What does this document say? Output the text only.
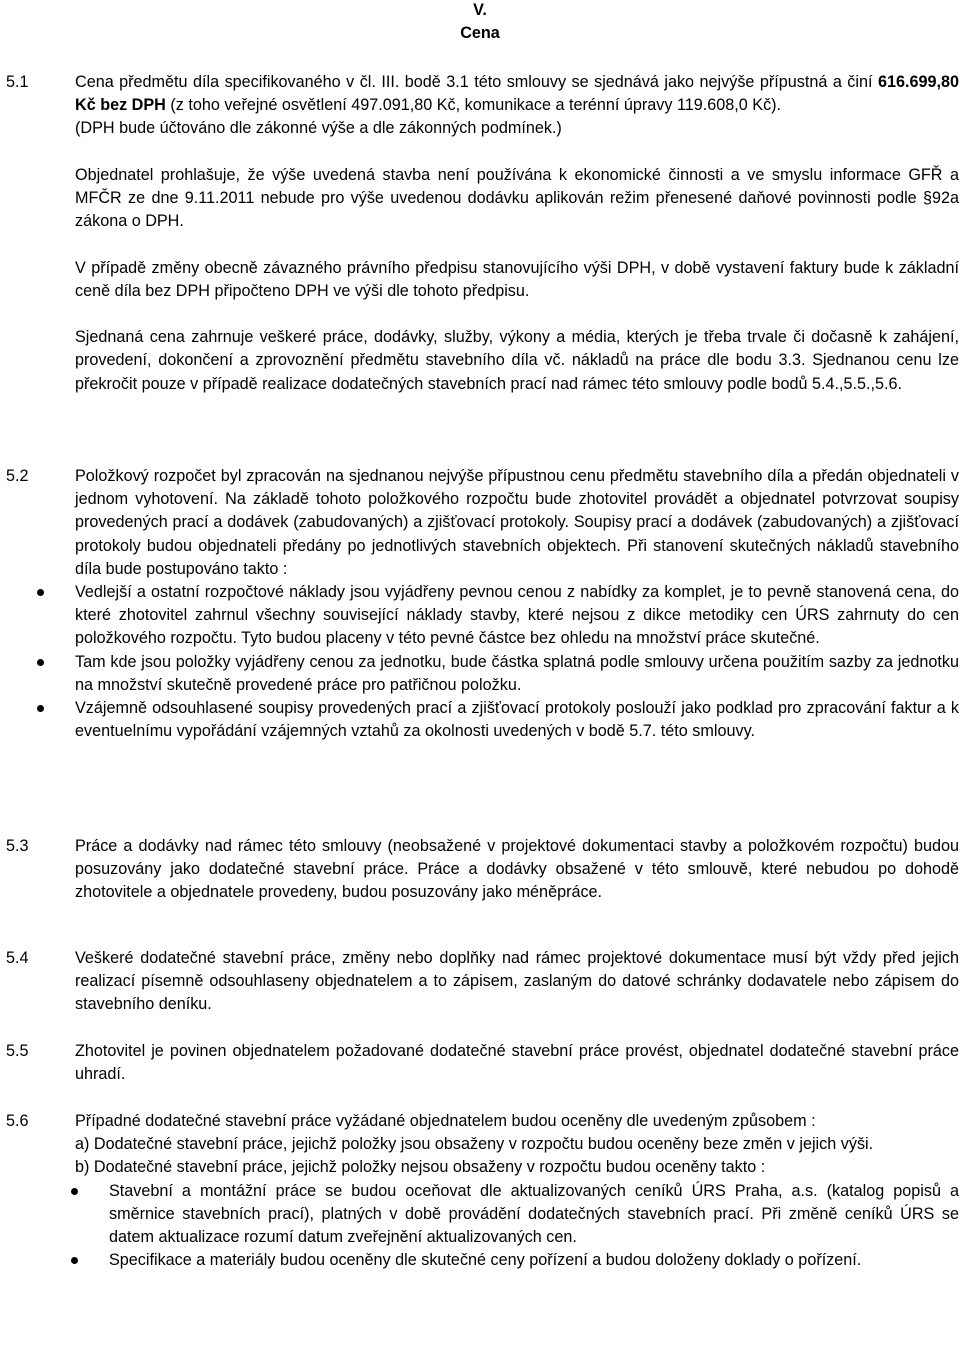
V.
Cena
5.1	Cena předmětu díla specifikovaného v čl. III. bodě 3.1 této smlouvy se sjednává jako nejvýše přípustná a činí 616.699,80 Kč bez DPH (z toho veřejné osvětlení 497.091,80 Kč, komunikace a terénní úpravy 119.608,0 Kč).

(DPH bude účtováno dle zákonné výše a dle zákonných podmínek.)

Objednatel prohlašuje, že výše uvedená stavba není používána k ekonomické činnosti a ve smyslu informace GFŘ a MFČR ze dne 9.11.2011 nebude pro výše uvedenou dodávku aplikován režim přenesené daňové povinnosti podle §92a zákona o DPH.

V případě změny obecně závazného právního předpisu stanovujícího výši DPH, v době vystavení faktury bude k základní ceně díla bez DPH připočteno DPH ve výši dle tohoto předpisu.

Sjednaná cena zahrnuje veškeré práce, dodávky, služby, výkony a média, kterých je třeba trvale či dočasně k zahájení, provedení, dokončení a zprovoznění předmětu stavebního díla vč. nákladů na práce dle bodu 3.3. Sjednanou cenu lze překročit pouze v případě realizace dodatečných stavebních prací nad rámec této smlouvy podle bodů 5.4.,5.5.,5.6.

5.2	Položkový rozpočet byl zpracován na sjednanou nejvýše přípustnou cenu předmětu stavebního díla a předán objednateli v jednom vyhotovení. Na základě tohoto položkového rozpočtu bude zhotovitel provádět a objednatel potvrzovat soupisy provedených prací a dodávek (zabudovaných) a zjišťovací protokoly. Soupisy prací a dodávek (zabudovaných) a zjišťovací protokoly budou objednateli předány po jednotlivých stavebních objektech. Při stanovení skutečných nákladů stavebního díla bude postupováno takto :

Vedlejší a ostatní rozpočtové náklady jsou vyjádřeny pevnou cenou z nabídky za komplet, je to pevně stanovená cena, do které zhotovitel zahrnul všechny související náklady stavby, které nejsou z dikce metodiky cen ÚRS zahrnuty do cen položkového rozpočtu. Tyto budou placeny v této pevné částce bez ohledu na množství práce skutečné.
Tam kde jsou položky vyjádřeny cenou za jednotku, bude částka splatná podle smlouvy určena použitím sazby za jednotku na množství skutečně provedené práce pro patřičnou položku.
Vzájemně odsouhlasené soupisy provedených prací a zjišťovací protokoly poslouží jako podklad pro zpracování faktur a k eventuelnímu vypořádání vzájemných vztahů za okolnosti uvedených v bodě 5.7. této smlouvy.
5.3	Práce a dodávky nad rámec této smlouvy (neobsažené v projektové dokumentaci stavby a položkovém rozpočtu) budou posuzovány jako dodatečné stavební práce. Práce a dodávky obsažené v této smlouvě, které nebudou po dohodě zhotovitele a objednatele provedeny, budou posuzovány jako méněpráce.

5.4	Veškeré dodatečné stavební práce, změny nebo doplňky nad rámec projektové dokumentace musí být vždy před jejich realizací písemně odsouhlaseny objednatelem a to zápisem, zaslaným do datové schránky dodavatele nebo zápisem do stavebního deníku.

5.5	Zhotovitel je povinen objednatelem požadované dodatečné stavební práce provést, objednatel dodatečné stavební práce uhradí.

5.6	Případné dodatečné stavební práce vyžádané objednatelem budou oceněny dle uvedeným způsobem :

a) Dodatečné stavební práce, jejichž položky jsou obsaženy v rozpočtu budou oceněny beze změn v jejich výši.

b) Dodatečné stavební práce, jejichž položky nejsou obsaženy v rozpočtu budou oceněny takto :

Stavební a montážní práce se budou oceňovat dle aktualizovaných ceníků ÚRS Praha, a.s. (katalog popisů a směrnice stavebních prací), platných v době provádění dodatečných stavebních prací. Při změně ceníků ÚRS se datem aktualizace rozumí datum zveřejnění aktualizovaných cen.
Specifikace a materiály budou oceněny dle skutečné ceny pořízení a budou doloženy doklady o pořízení.
